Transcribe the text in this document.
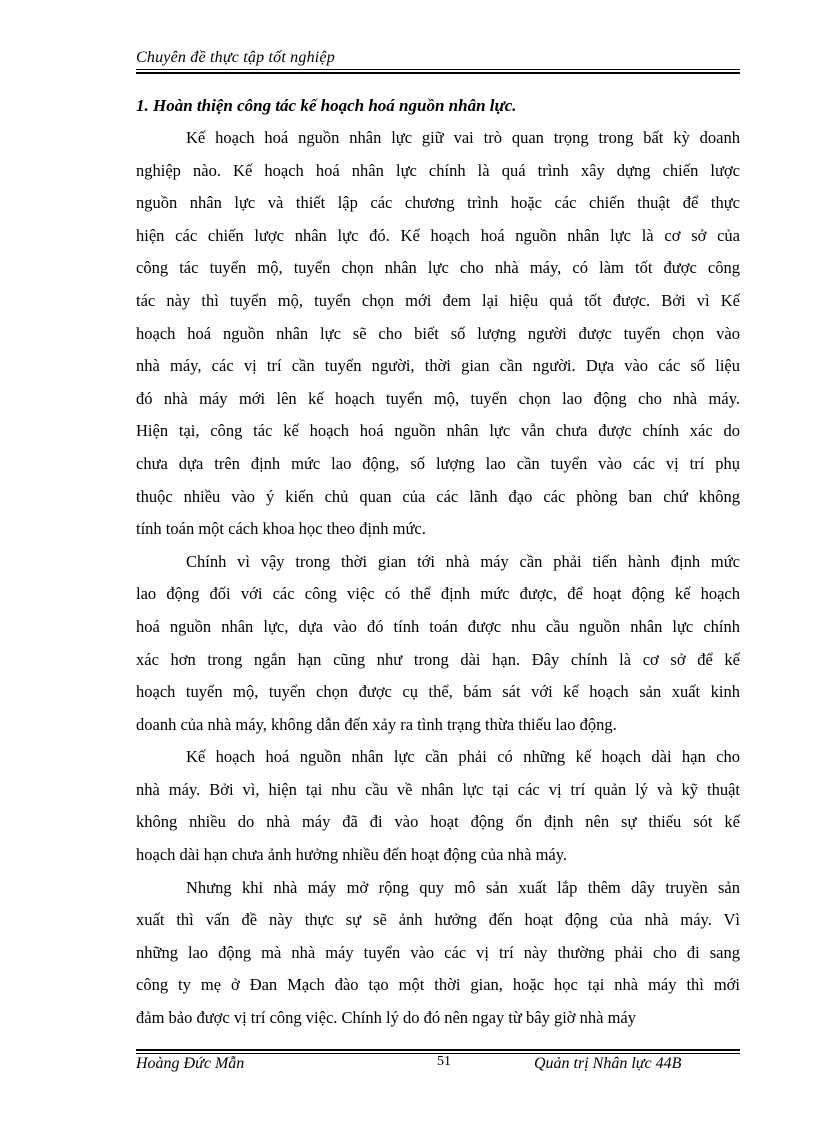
Chuyên đề thực tập tốt nghiệp
1. Hoàn thiện công tác kế hoạch hoá nguồn nhân lực.

Kế hoạch hoá nguồn nhân lực giữ vai trò quan trọng trong bất kỳ doanh
nghiệp nào. Kế hoạch hoá nhân lực chính là quá trình xây dựng chiến lược
nguồn nhân lực và thiết lập các chương trình hoặc các chiến thuật để thực
hiện các chiến lược nhân lực đó. Kế hoạch hoá nguồn nhân lực là cơ sở của
công tác tuyển mộ, tuyển chọn nhân lực cho nhà máy, có làm tốt được công
tác này thì tuyển mộ, tuyển chọn mới đem lại hiệu quả tốt được. Bởi vì Kế
hoạch hoá nguồn nhân lực sẽ cho biết số lượng người được tuyển chọn vào
nhà máy, các vị trí cần tuyển người, thời gian cần người. Dựa vào các số liệu
đó nhà máy mới lên kế hoạch tuyển mộ, tuyển chọn lao động cho nhà máy.
Hiện tại, công tác kế hoạch hoá nguồn nhân lực vẫn chưa được chính xác do
chưa dựa trên định mức lao động, số lượng lao cần tuyển vào các vị trí phụ
thuộc nhiều vào ý kiến chủ quan của các lãnh đạo các phòng ban chứ không
tính toán một cách khoa học theo định mức.

Chính vì vậy trong thời gian tới nhà máy cần phải tiến hành định mức
lao động đối với các công việc có thể định mức được, để hoạt động kế hoạch
hoá nguồn nhân lực, dựa vào đó tính toán được nhu cầu nguồn nhân lực chính
xác hơn trong ngắn hạn cũng như trong dài hạn. Đây chính là cơ sở để kế
hoạch tuyển mộ, tuyển chọn được cụ thể, bám sát với kế hoạch sản xuất kinh
doanh của nhà máy, không dẫn đến xảy ra tình trạng thừa thiếu lao động.

Kế hoạch hoá nguồn nhân lực cần phải có những kế hoạch dài hạn cho
nhà máy. Bởi vì, hiện tại nhu cầu về nhân lực tại các vị trí quản lý và kỹ thuật
không nhiều do nhà máy đã đi vào hoạt động ổn định nên sự thiếu sót kế
hoạch dài hạn chưa ảnh hưởng nhiều đến hoạt động của nhà máy.

Nhưng khi nhà máy mở rộng quy mô sản xuất lắp thêm dây truyền sản
xuất thì vấn đề này thực sự sẽ ảnh hưởng đến hoạt động của nhà máy. Vì
những lao động mà nhà máy tuyển vào các vị trí này thường phải cho đi sang
công ty mẹ ở Đan Mạch đào tạo một thời gian, hoặc học tại nhà máy thì mới
đảm bảo được vị trí công việc. Chính lý do đó nên ngay từ bây giờ nhà máy

Hoàng Đức Mẫn	51	Quản trị Nhân lực 44B
